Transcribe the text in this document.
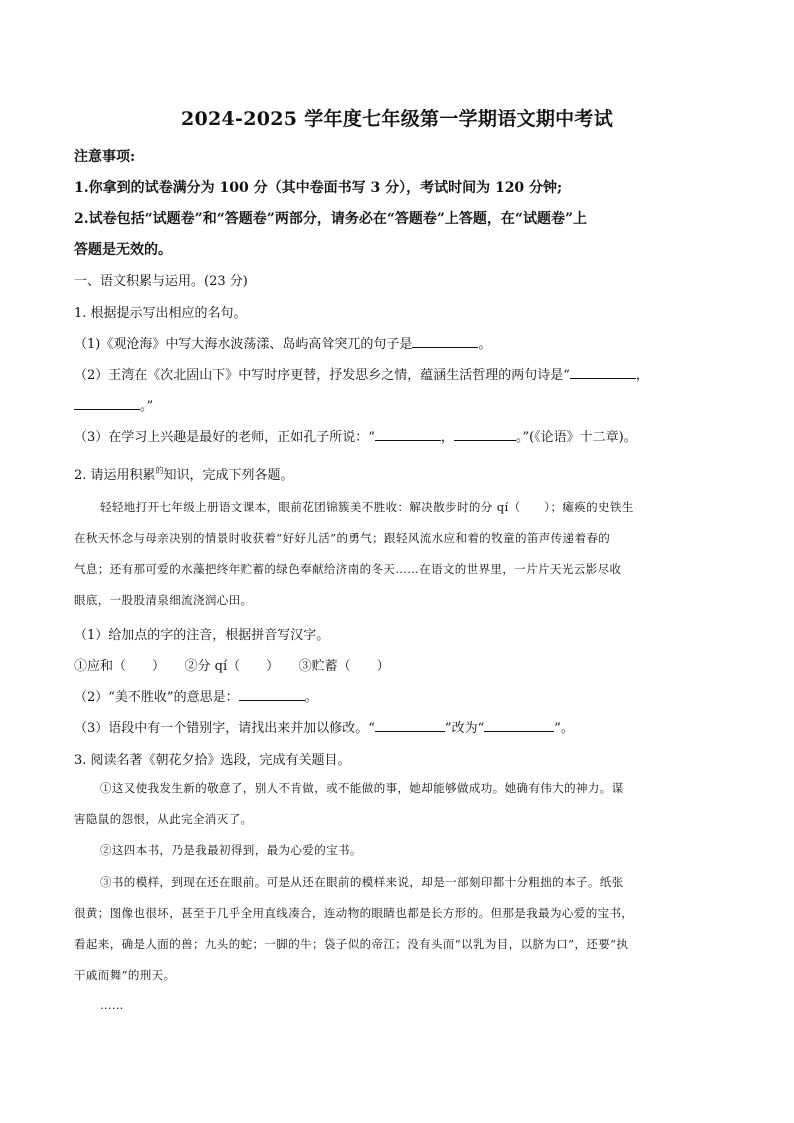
2024-2025 学年度七年级第一学期语文期中考试
注意事项:
1.你拿到的试卷满分为 100 分（其中卷面书写 3 分），考试时间为 120 分钟;
2.试卷包括“试题卷”和“答题卷”两部分，请务必在“答题卷”上答题，在“试题卷”上
答题是无效的。
一、语文积累与运用。(23 分)
1. 根据提示写出相应的名句。
（1)《观沧海》中写大海水波荡漾、岛屿高耸突兀的句子是	。
（2）王湾在《次北固山下》中写时序更替，抒发思乡之情，蕴涵生活哲理的两句诗是“	，
。”
（3）在学习上兴趣是最好的老师，正如孔子所说：“	，	。”(《论语》十二章)。
2. 请运用积累$^的$知识，完成下列各题。
轻轻地打开七年级上册语文课本，眼前花团锦簇美不胜收：解决散步时的分 qí（　　）；瘫痪的史铁生
在秋天怀念与母亲决别的情景时收获着“好好儿活”的勇气；跟轻风流水应和着的牧童的笛声传递着春的
气息；还有那可爱的水藻把终年贮蓄的绿色奉献给济南的冬天……在语文的世界里，一片片天光云影尽收
眼底，一股股清泉细流浇润心田。
（1）给加点的字的注音，根据拼音写汉字。
①应和（　　）　　②分 qí（　　）　　③贮蓄（　　）
（2）“美不胜收”的意思是：	。
（3）语段中有一个错别字，请找出来并加以修改。“	”改为“	”。
3. 阅读名著《朝花夕拾》选段，完成有关题目。
①这又使我发生新的敬意了，别人不肯做，或不能做的事，她却能够做成功。她确有伟大的神力。谋
害隐鼠的怨恨，从此完全消灭了。
②这四本书，乃是我最初得到，最为心爱的宝书。
③书的模样，到现在还在眼前。可是从还在眼前的模样来说，却是一部刻印都十分粗拙的本子。纸张
很黄；图像也很坏，甚至于几乎全用直线凑合，连动物的眼睛也都是长方形的。但那是我最为心爱的宝书，
看起来，确是人面的兽；九头的蛇；一脚的牛；袋子似的帝江；没有头而“以乳为目，以脐为口”，还要“执
干戚而舞”的刑天。
……
